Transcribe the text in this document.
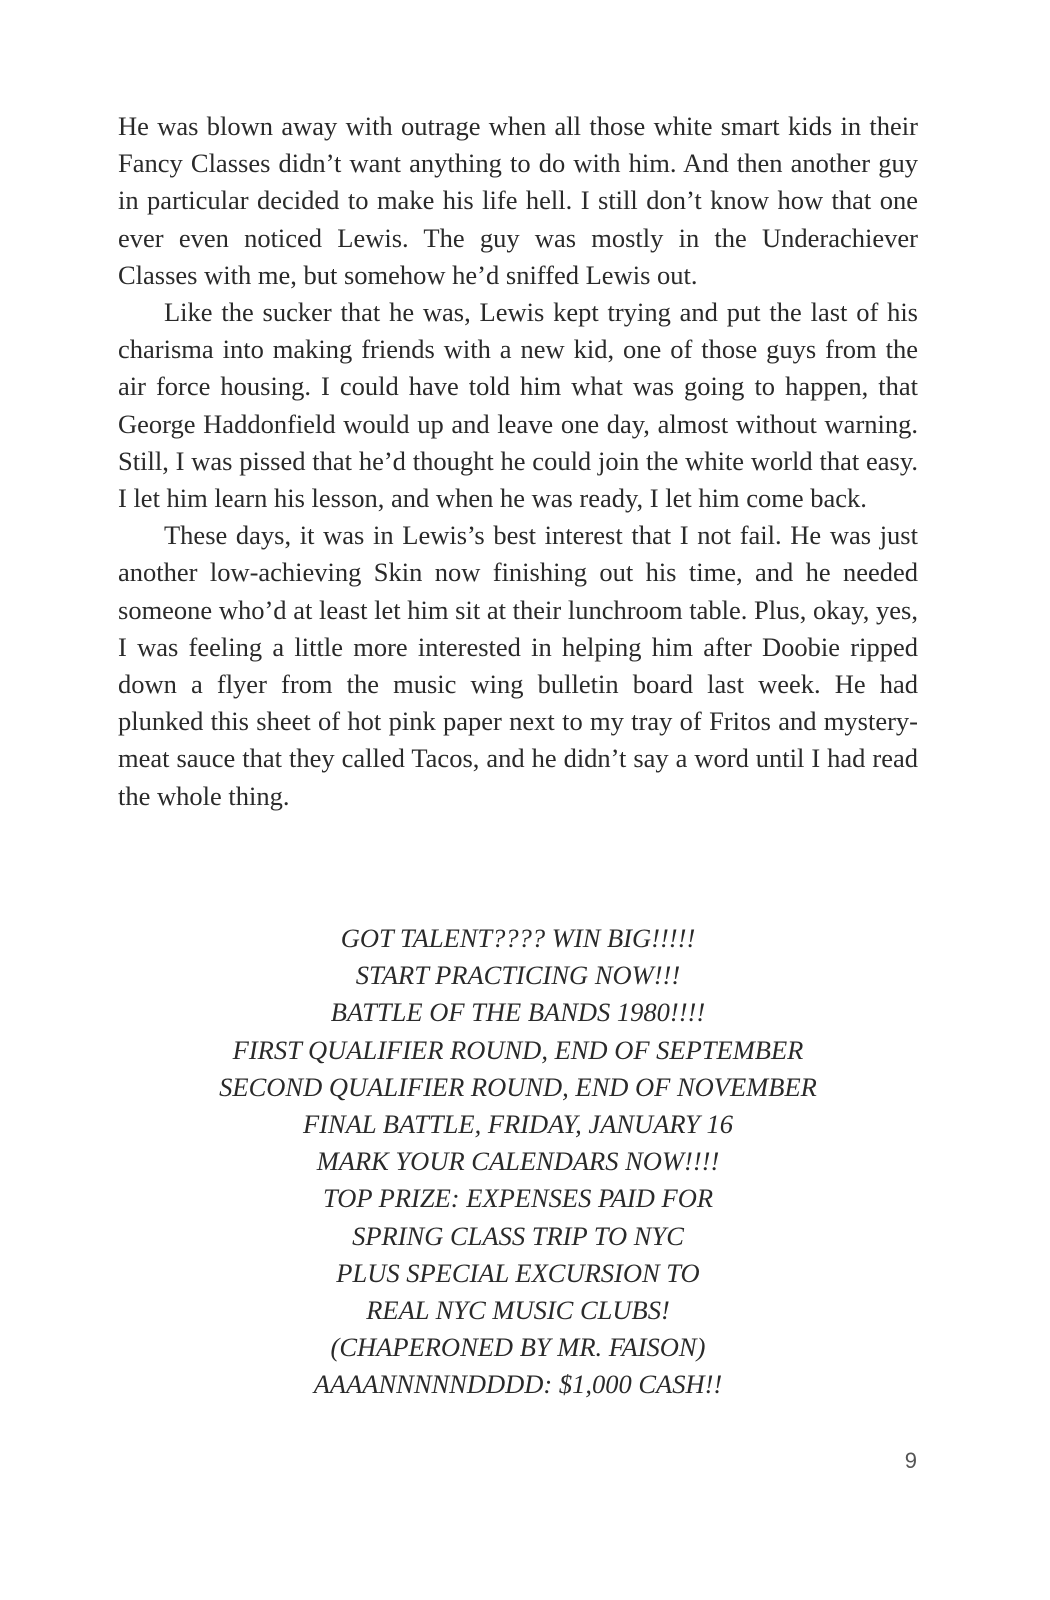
He was blown away with outrage when all those white smart kids in their Fancy Classes didn’t want anything to do with him. And then another guy in particular decided to make his life hell. I still don’t know how that one ever even noticed Lewis. The guy was mostly in the Underachiever Classes with me, but somehow he’d sniffed Lewis out.

Like the sucker that he was, Lewis kept trying and put the last of his charisma into making friends with a new kid, one of those guys from the air force housing. I could have told him what was going to happen, that George Haddonfield would up and leave one day, almost without warning. Still, I was pissed that he’d thought he could join the white world that easy. I let him learn his lesson, and when he was ready, I let him come back.

These days, it was in Lewis’s best interest that I not fail. He was just another low-achieving Skin now finishing out his time, and he needed someone who’d at least let him sit at their lunchroom table. Plus, okay, yes, I was feeling a little more interested in helping him after Doobie ripped down a flyer from the music wing bulletin board last week. He had plunked this sheet of hot pink paper next to my tray of Fritos and mystery-meat sauce that they called Tacos, and he didn’t say a word until I had read the whole thing.

GOT TALENT???? WIN BIG!!!!!
START PRACTICING NOW!!!
BATTLE OF THE BANDS 1980!!!!
FIRST QUALIFIER ROUND, END OF SEPTEMBER
SECOND QUALIFIER ROUND, END OF NOVEMBER
FINAL BATTLE, FRIDAY, JANUARY 16
MARK YOUR CALENDARS NOW!!!!
TOP PRIZE: EXPENSES PAID FOR
SPRING CLASS TRIP TO NYC
PLUS SPECIAL EXCURSION TO
REAL NYC MUSIC CLUBS!
(CHAPERONED BY MR. FAISON)
AAAANNNNNDDDD: $1,000 CASH!!
9
